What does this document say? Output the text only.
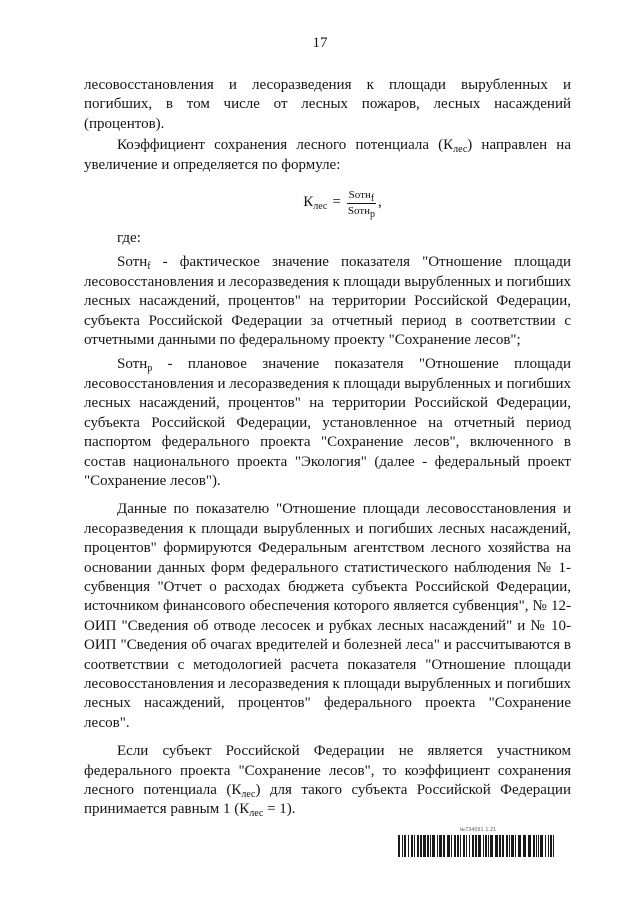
17

лесовосстановления и лесоразведения к площади вырубленных и погибших, в том числе от лесных пожаров, лесных насаждений (процентов).

Коэффициент сохранения лесного потенциала $(К_{лес})$ направлен на увеличение и определяется по формуле:

$К_{лес} = \frac{Sотн_f}{Sотн_p}$ ,

где:

Sотн$_f$ - фактическое значение показателя "Отношение площади лесовосстановления и лесоразведения к площади вырубленных и погибших лесных насаждений, процентов" на территории Российской Федерации, субъекта Российской Федерации за отчетный период в соответствии с отчетными данными по федеральному проекту "Сохранение лесов";

Sотн$_p$ - плановое значение показателя "Отношение площади лесовосстановления и лесоразведения к площади вырубленных и погибших лесных насаждений, процентов" на территории Российской Федерации, субъекта Российской Федерации, установленное на отчетный период паспортом федерального проекта "Сохранение лесов", включенного в состав национального проекта "Экология" (далее - федеральный проект "Сохранение лесов").

Данные по показателю "Отношение площади лесовосстановления и лесоразведения к площади вырубленных и погибших лесных насаждений, процентов" формируются Федеральным агентством лесного хозяйства на основании данных форм федерального статистического наблюдения № 1-субвенция "Отчет о расходах бюджета субъекта Российской Федерации, источником финансового обеспечения которого является субвенция", № 12-ОИП "Сведения об отводе лесосек и рубках лесных насаждений" и № 10-ОИП "Сведения об очагах вредителей и болезней леса" и рассчитываются в соответствии с методологией расчета показателя "Отношение площади лесовосстановления и лесоразведения к площади вырубленных и погибших лесных насаждений, процентов" федерального проекта "Сохранение лесов".

Если субъект Российской Федерации не является участником федерального проекта "Сохранение лесов", то коэффициент сохранения лесного потенциала $(К_{лес})$ для такого субъекта Российской Федерации принимается равным 1 $(К_{лес} = 1)$.

№734091.1.21
